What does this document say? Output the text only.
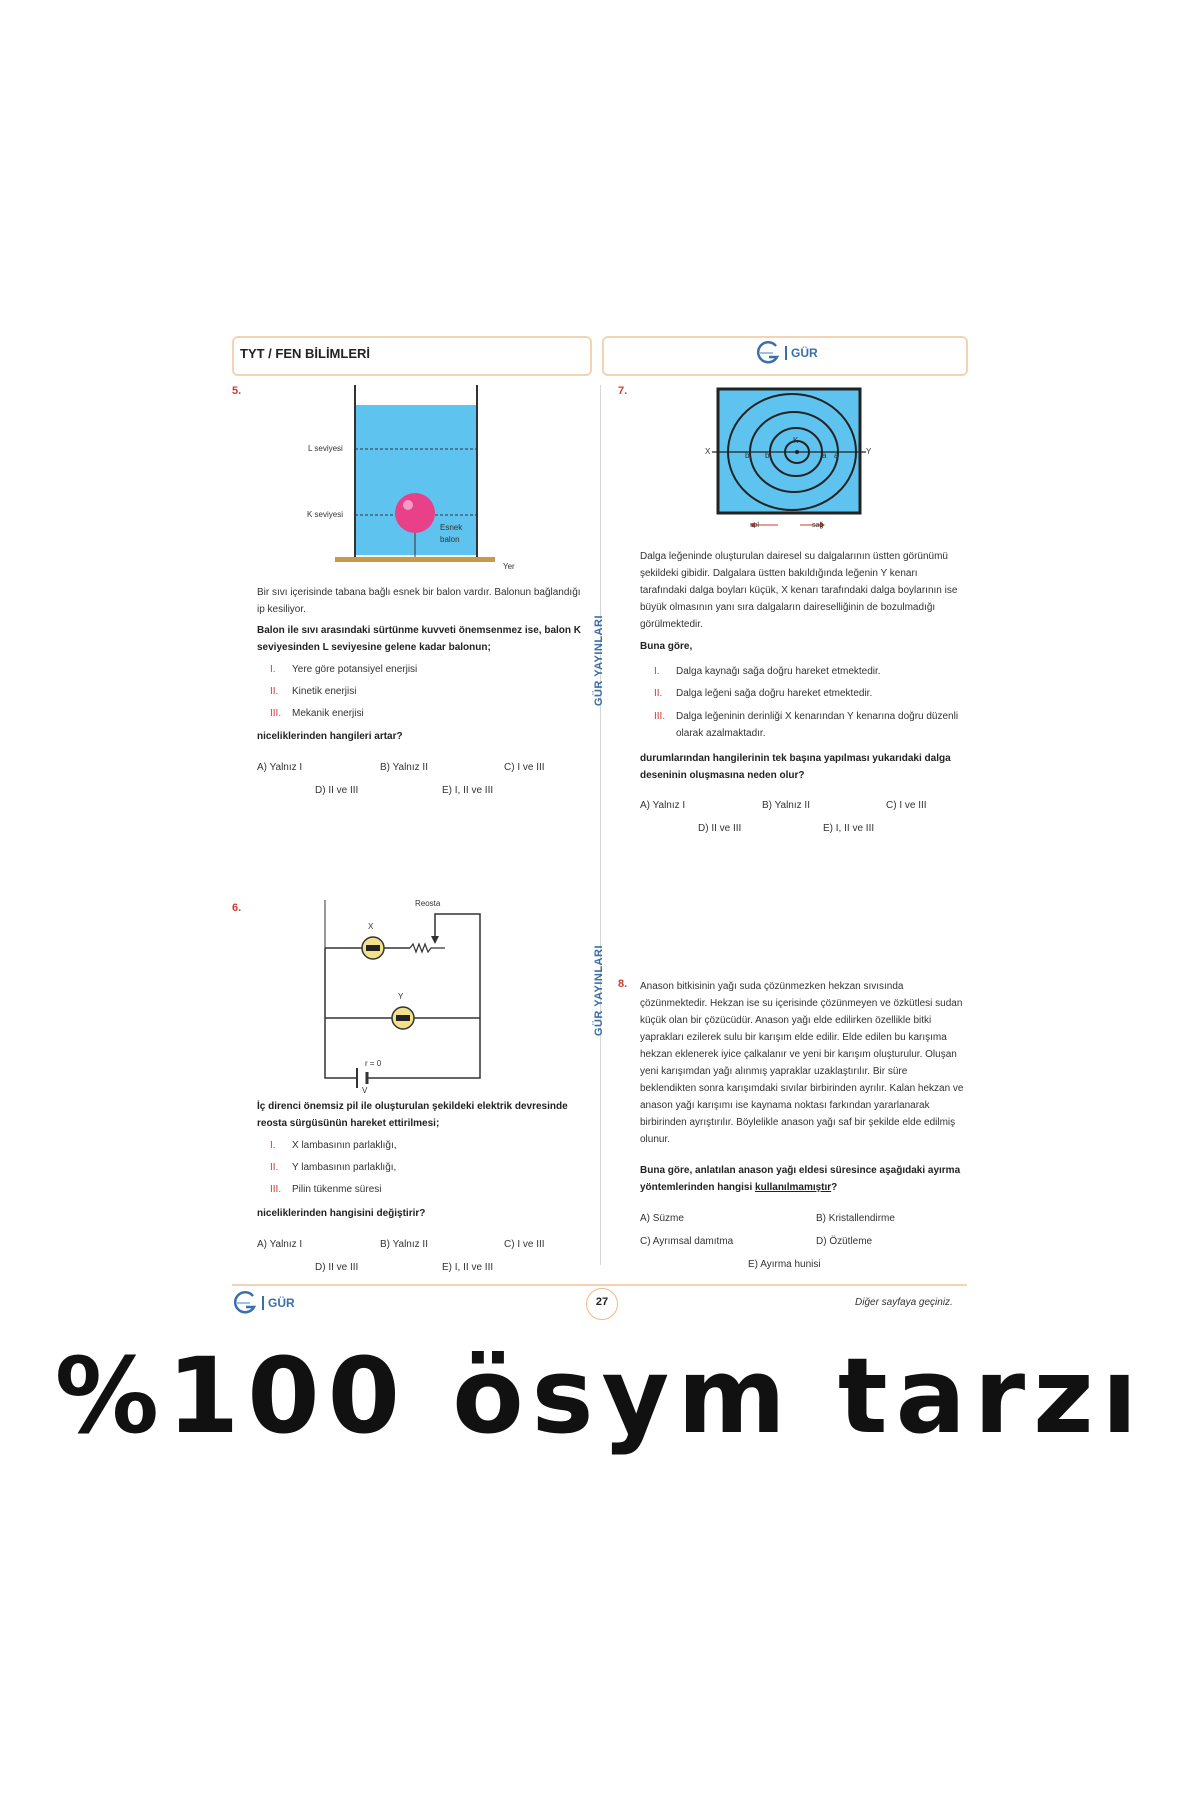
TYT / FEN BİLİMLERİ	GÜR
GÜR YAYINLARI
GÜR YAYINLARI
5.
L seviyesi
K seviyesi
Esnek
balon
Yer
Bir sıvı içerisinde tabana bağlı esnek bir balon vardır. Balonun bağlandığı ip kesiliyor.
Balon ile sıvı arasındaki sürtünme kuvveti önemsenmez ise, balon K seviyesinden L seviyesine gelene kadar balonun;
I. Yere göre potansiyel enerjisi
II. Kinetik enerjisi
III. Mekanik enerjisi
niceliklerinden hangileri artar?
A) Yalnız I	B) Yalnız II	C) I ve III
D) II ve III	E) I, II ve III
6.	Reosta
X
Y
r = 0
V
İç direnci önemsiz pil ile oluşturulan şekildeki elektrik devresinde reosta sürgüsünün hareket ettirilmesi;
I. X lambasının parlaklığı,
II. Y lambasının parlaklığı,
III. Pilin tükenme süresi
niceliklerinden hangisini değiştirir?
A) Yalnız I	B) Yalnız II	C) I ve III
D) II ve III	E) I, II ve III
7.
X	Y
K
b b	a a
sol	sağ
Dalga leğeninde oluşturulan dairesel su dalgalarının üstten görünümü şekildeki gibidir. Dalgalara üstten bakıldığında leğenin Y kenarı tarafındaki dalga boyları küçük, X kenarı tarafındaki dalga boylarının ise büyük olmasının yanı sıra dalgaların daireselliğinin de bozulmadığı görülmektedir.
Buna göre,
I. Dalga kaynağı sağa doğru hareket etmektedir.
II. Dalga leğeni sağa doğru hareket etmektedir.
III.	Dalga leğeninin derinliği X kenarından Y kenarına doğru düzenli olarak azalmaktadır.
durumlarından hangilerinin tek başına yapılması yukarıdaki dalga deseninin oluşmasına neden olur?
A) Yalnız I	B) Yalnız II	C) I ve III
D) II ve III	E) I, II ve III
8. Anason bitkisinin yağı suda çözünmezken hekzan sıvısında çözünmektedir. Hekzan ise su içerisinde çözünmeyen ve özkütlesi sudan küçük olan bir çözücüdür. Anason yağı elde edilirken özellikle bitki yaprakları ezilerek sulu bir karışım elde edilir. Elde edilen bu karışıma hekzan eklenerek iyice çalkalanır ve yeni bir karışım oluşturulur. Oluşan yeni karışımdan yağı alınmış yapraklar uzaklaştırılır. Bir süre beklendikten sonra karışımdaki sıvılar birbirinden ayrılır. Kalan hekzan ve anason yağı karışımı ise kaynama noktası farkından yararlanarak birbirinden ayrıştırılır. Böylelikle anason yağı saf bir şekilde elde edilmiş olunur.
Buna göre, anlatılan anason yağı eldesi süresince aşağıdaki ayırma yöntemlerinden hangisi kullanılmamıştır?
A) Süzme	B) Kristallendirme
C) Ayrımsal damıtma	D) Özütleme
E) Ayırma hunisi
GÜR	27	Diğer sayfaya geçiniz.
%100 ösym tarzı
